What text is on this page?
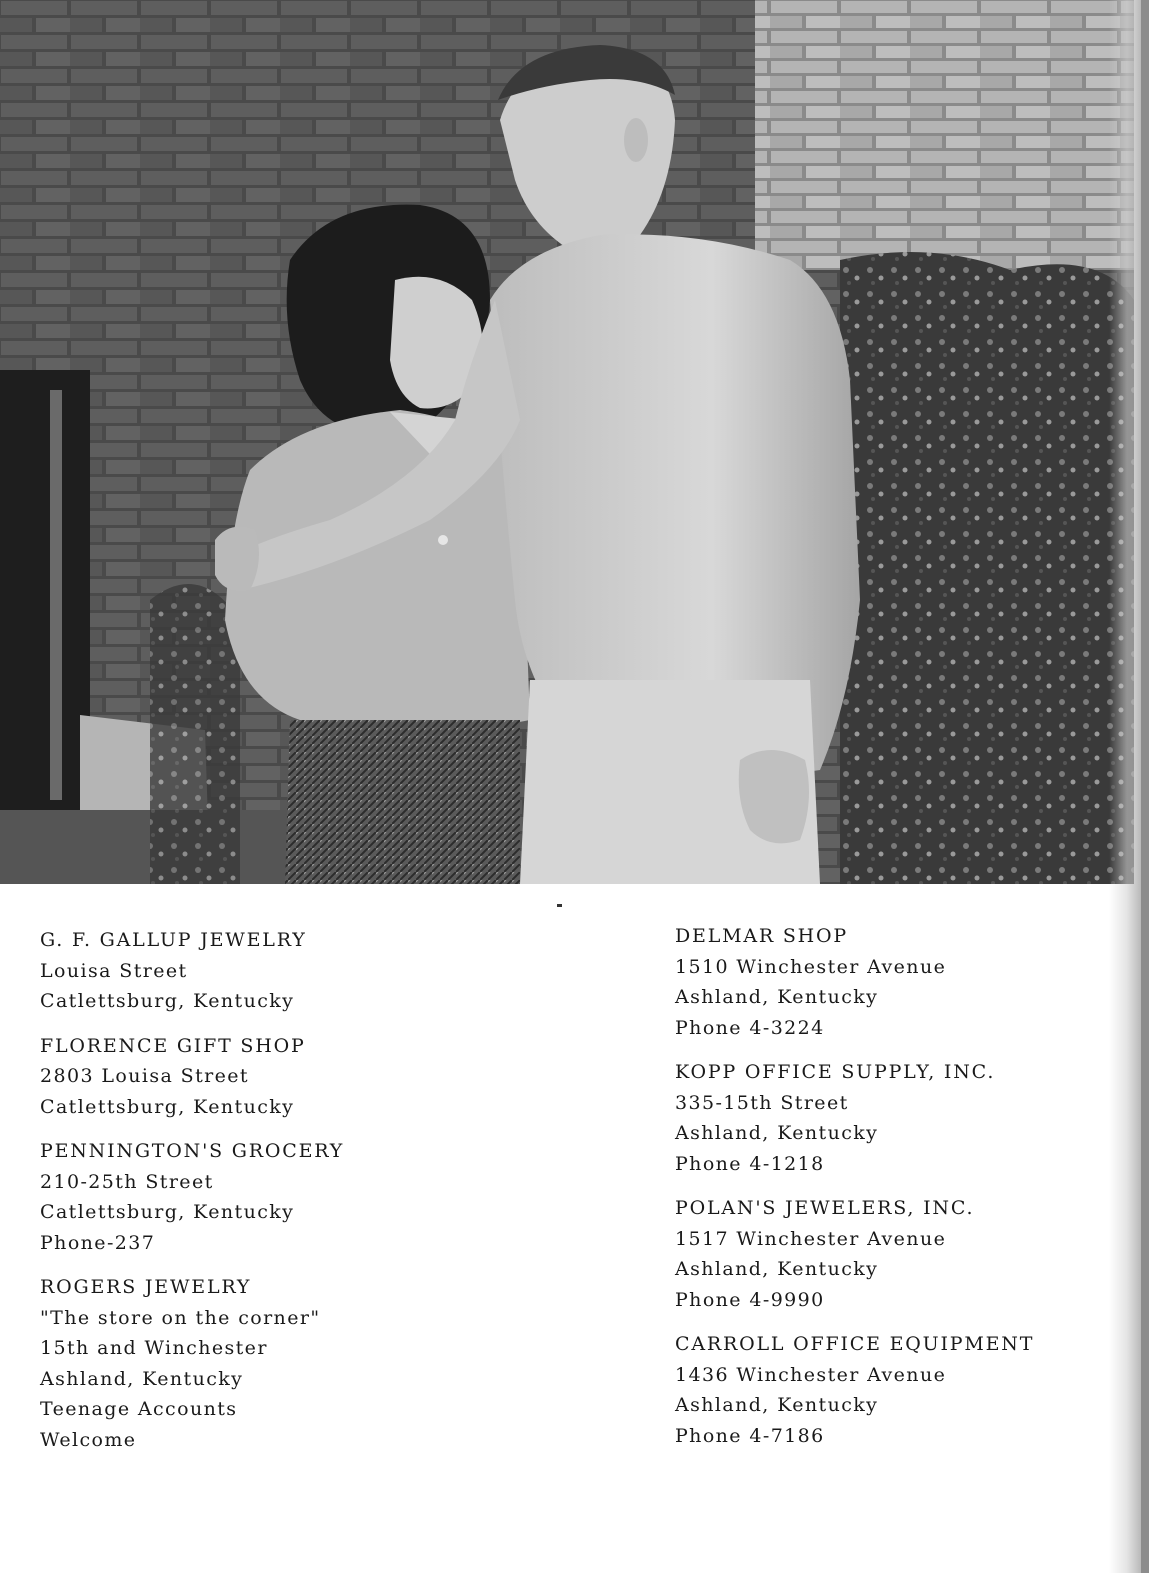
G. F. GALLUP JEWELRY
Louisa Street
Catlettsburg, Kentucky
FLORENCE GIFT SHOP
2803 Louisa Street
Catlettsburg, Kentucky
PENNINGTON'S GROCERY
210-25th Street
Catlettsburg, Kentucky
Phone-237
ROGERS JEWELRY
"The store on the corner"
15th and Winchester
Ashland, Kentucky
Teenage Accounts
Welcome
DELMAR SHOP
1510 Winchester Avenue
Ashland, Kentucky
Phone 4-3224
KOPP OFFICE SUPPLY, INC.
335-15th Street
Ashland, Kentucky
Phone 4-1218
POLAN'S JEWELERS, INC.
1517 Winchester Avenue
Ashland, Kentucky
Phone 4-9990
CARROLL OFFICE EQUIPMENT
1436 Winchester Avenue
Ashland, Kentucky
Phone 4-7186
